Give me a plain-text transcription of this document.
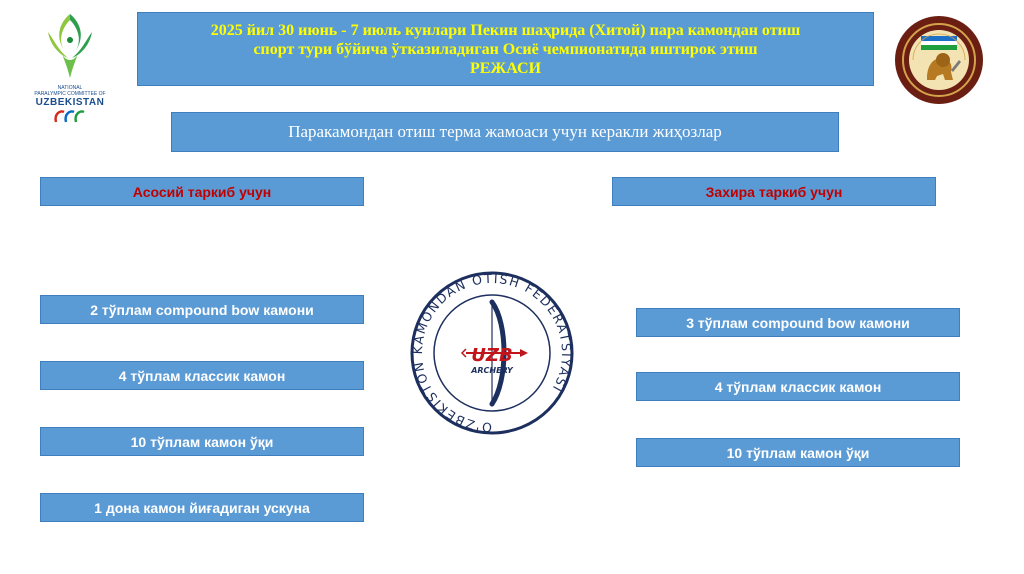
NATIONAL
PARALYMPIC COMMITTEE OF
UZBEKISTAN
2025 йил 30 июнь - 7 июль кунлари Пекин шаҳрида (Хитой) пара камондан отиш
спорт тури бўйича ўтказиладиган Осиё чемпионатида иштирок этиш
РЕЖАСИ
Паракамондан отиш терма жамоаси учун керакли жиҳозлар
Асосий таркиб учун
2 тўплам compound bow камони
4 тўплам классик камон
10 тўплам камон ўқи
1 дона камон йиғадиган ускуна
O'ZBEKISTON KAMONDAN OTISH FEDERATSIYASI
UZB
ARCHERY
Захира таркиб учун
3 тўплам compound bow камони
4 тўплам классик камон
10 тўплам камон ўқи
